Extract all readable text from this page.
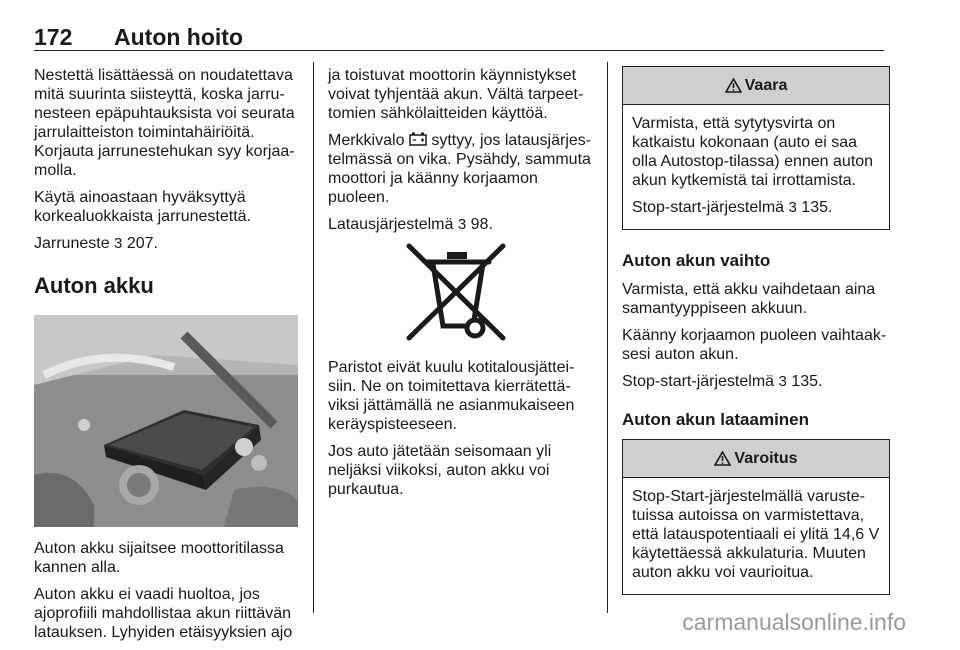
172 Auton hoito

Nestettä lisättäessä on noudatettava mitä suurinta siisteyttä, koska jarrunesteen epäpuhtauksista voi seurata jarrulaitteiston toimintahäiriöitä. Korjauta jarrunestehukan syy korjaamolla.

Käytä ainoastaan hyväksyttyä korkealuokkaista jarrunestettä.

Jarruneste 3 207.

Auton akku

Auton akku sijaitsee moottoritilassa kannen alla.

Auton akku ei vaadi huoltoa, jos ajoprofiili mahdollistaa akun riittävän latauksen. Lyhyiden etäisyyksien ajo

ja toistuvat moottorin käynnistykset voivat tyhjentää akun. Vältä tarpeettomien sähkölaitteiden käyttöä.

Merkkivalo  syttyy, jos latausjärjestelmässä on vika. Pysähdy, sammuta moottori ja käänny korjaamon puoleen.

Latausjärjestelmä 3 98.

Paristot eivät kuulu kotitalousjätteisiin. Ne on toimitettava kierrätettäviksi jättämällä ne asianmukaiseen keräyspisteeseen.

Jos auto jätetään seisomaan yli neljäksi viikoksi, auton akku voi purkautua.

Vaara

Varmista, että sytytysvirta on katkaistu kokonaan (auto ei saa olla Autostop-tilassa) ennen auton akun kytkemistä tai irrottamista.

Stop-start-järjestelmä 3 135.

Auton akun vaihto

Varmista, että akku vaihdetaan aina samantyyppiseen akkuun.

Käänny korjaamon puoleen vaihtaaksesi auton akun.

Stop-start-järjestelmä 3 135.

Auton akun lataaminen
Varoitus

Stop-Start-järjestelmällä varustetuissa autoissa on varmistettava, että latauspotentiaali ei ylitä 14,6 V käytettäessä akkulaturia. Muuten auton akku voi vaurioitua.

carmanualsonline.info
